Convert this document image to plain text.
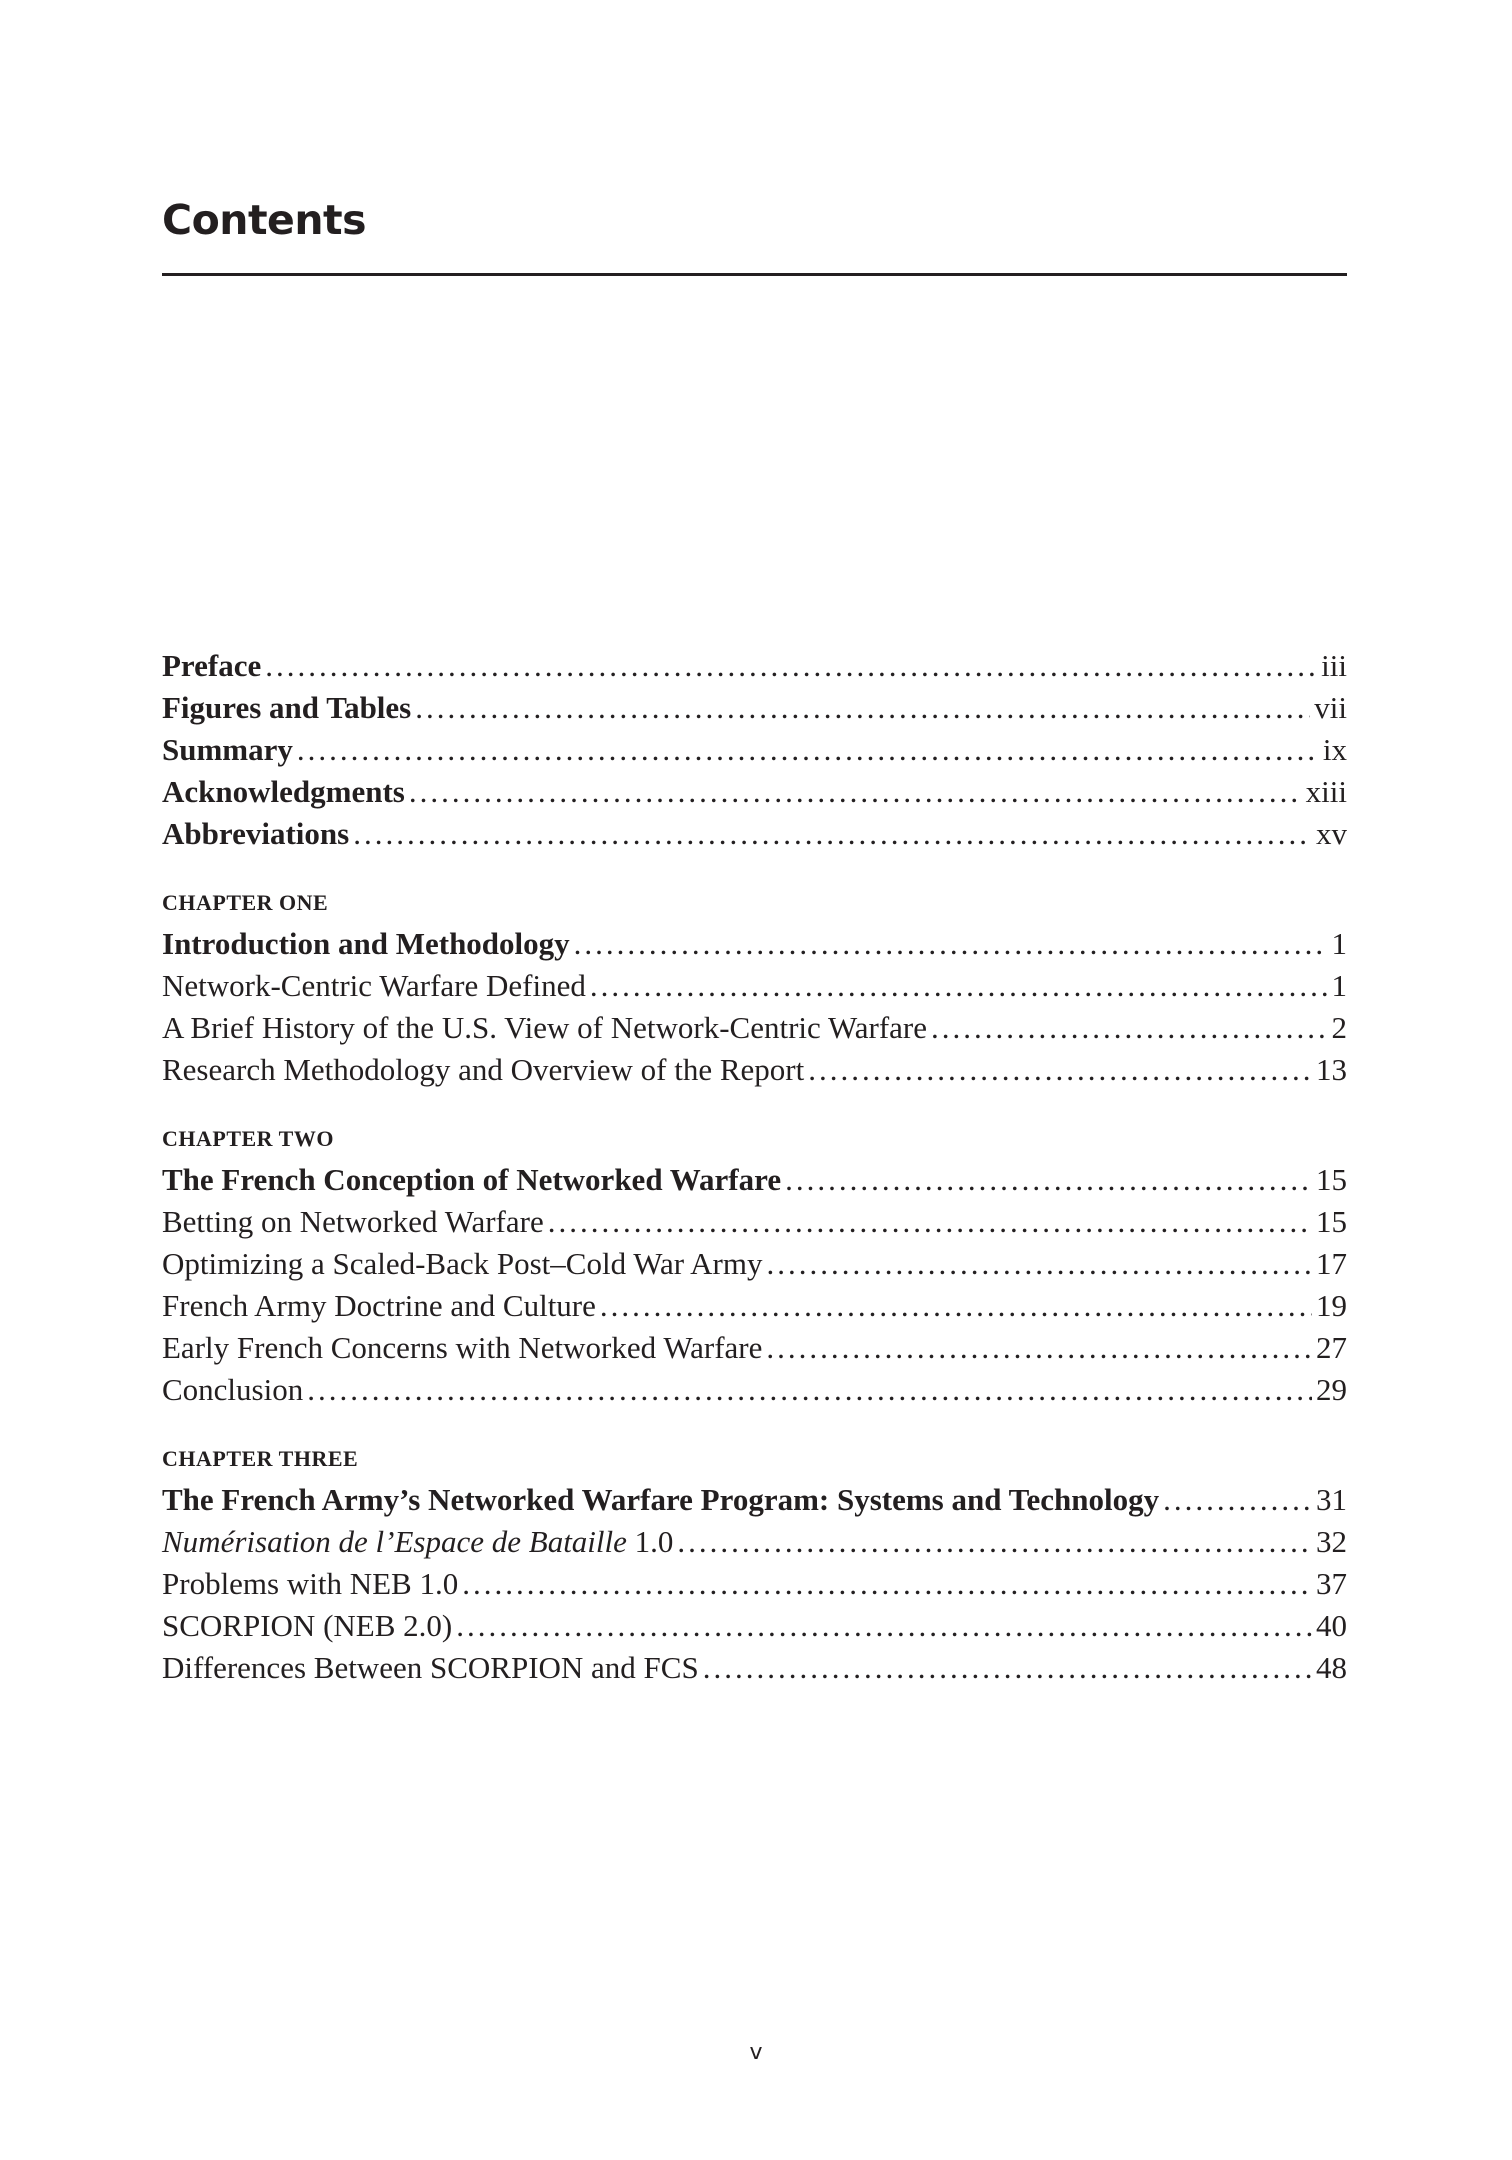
Contents
Preface .....	iii
Figures and Tables .....	vii
Summary .....	ix
Acknowledgments .....	xiii
Abbreviations .....	xv
CHAPTER ONE
Introduction and Methodology .....	1
Network-Centric Warfare Defined .....	1
A Brief History of the U.S. View of Network-Centric Warfare .....	2
Research Methodology and Overview of the Report .....	13
CHAPTER TWO
The French Conception of Networked Warfare .....	15
Betting on Networked Warfare .....	15
Optimizing a Scaled-Back Post–Cold War Army .....	17
French Army Doctrine and Culture .....	19
Early French Concerns with Networked Warfare .....	27
Conclusion .....	29
CHAPTER THREE
The French Army’s Networked Warfare Program: Systems and Technology .....	31
Numérisation de l’Espace de Bataille 1.0 .....	32
Problems with NEB 1.0 .....	37
SCORPION (NEB 2.0) .....	40
Differences Between SCORPION and FCS .....	48
v
